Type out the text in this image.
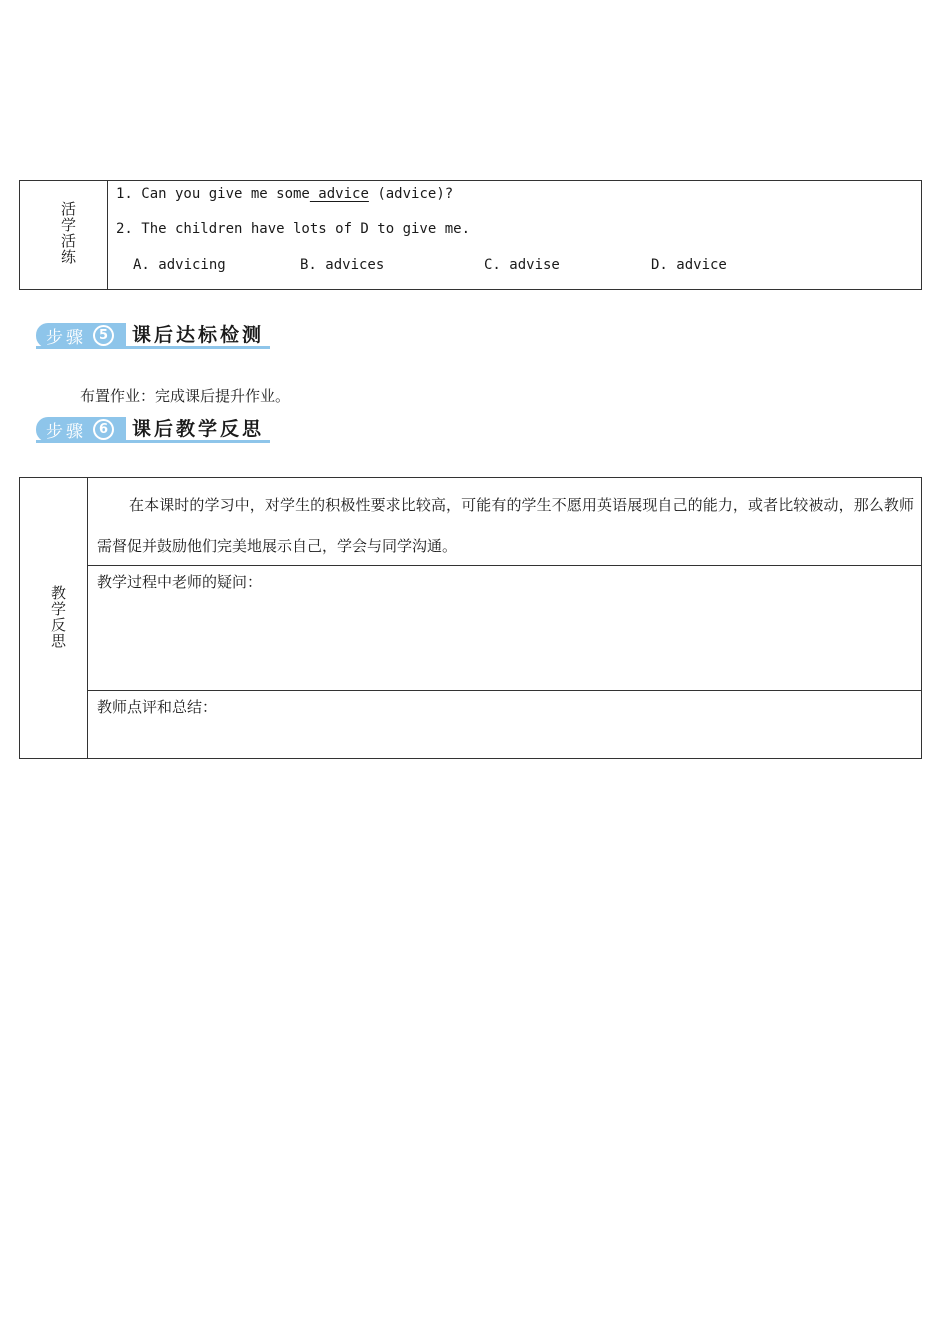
活
学
活
练
1. Can you give me some advice (advice)?
2. The children have lots of D to give me.
A. advicing	B. advices	C. advise	D. advice
步骤 5 课后达标检测
布置作业：完成课后提升作业。
步骤 6 课后教学反思
教
学
反
思

在本课时的学习中，对学生的积极性要求比较高，可能有的学生不愿用英语展现自己的能力，或者比较被动，那么教师需督促并鼓励他们完美地展示自己，学会与同学沟通。

教学过程中老师的疑问：
教师点评和总结：
